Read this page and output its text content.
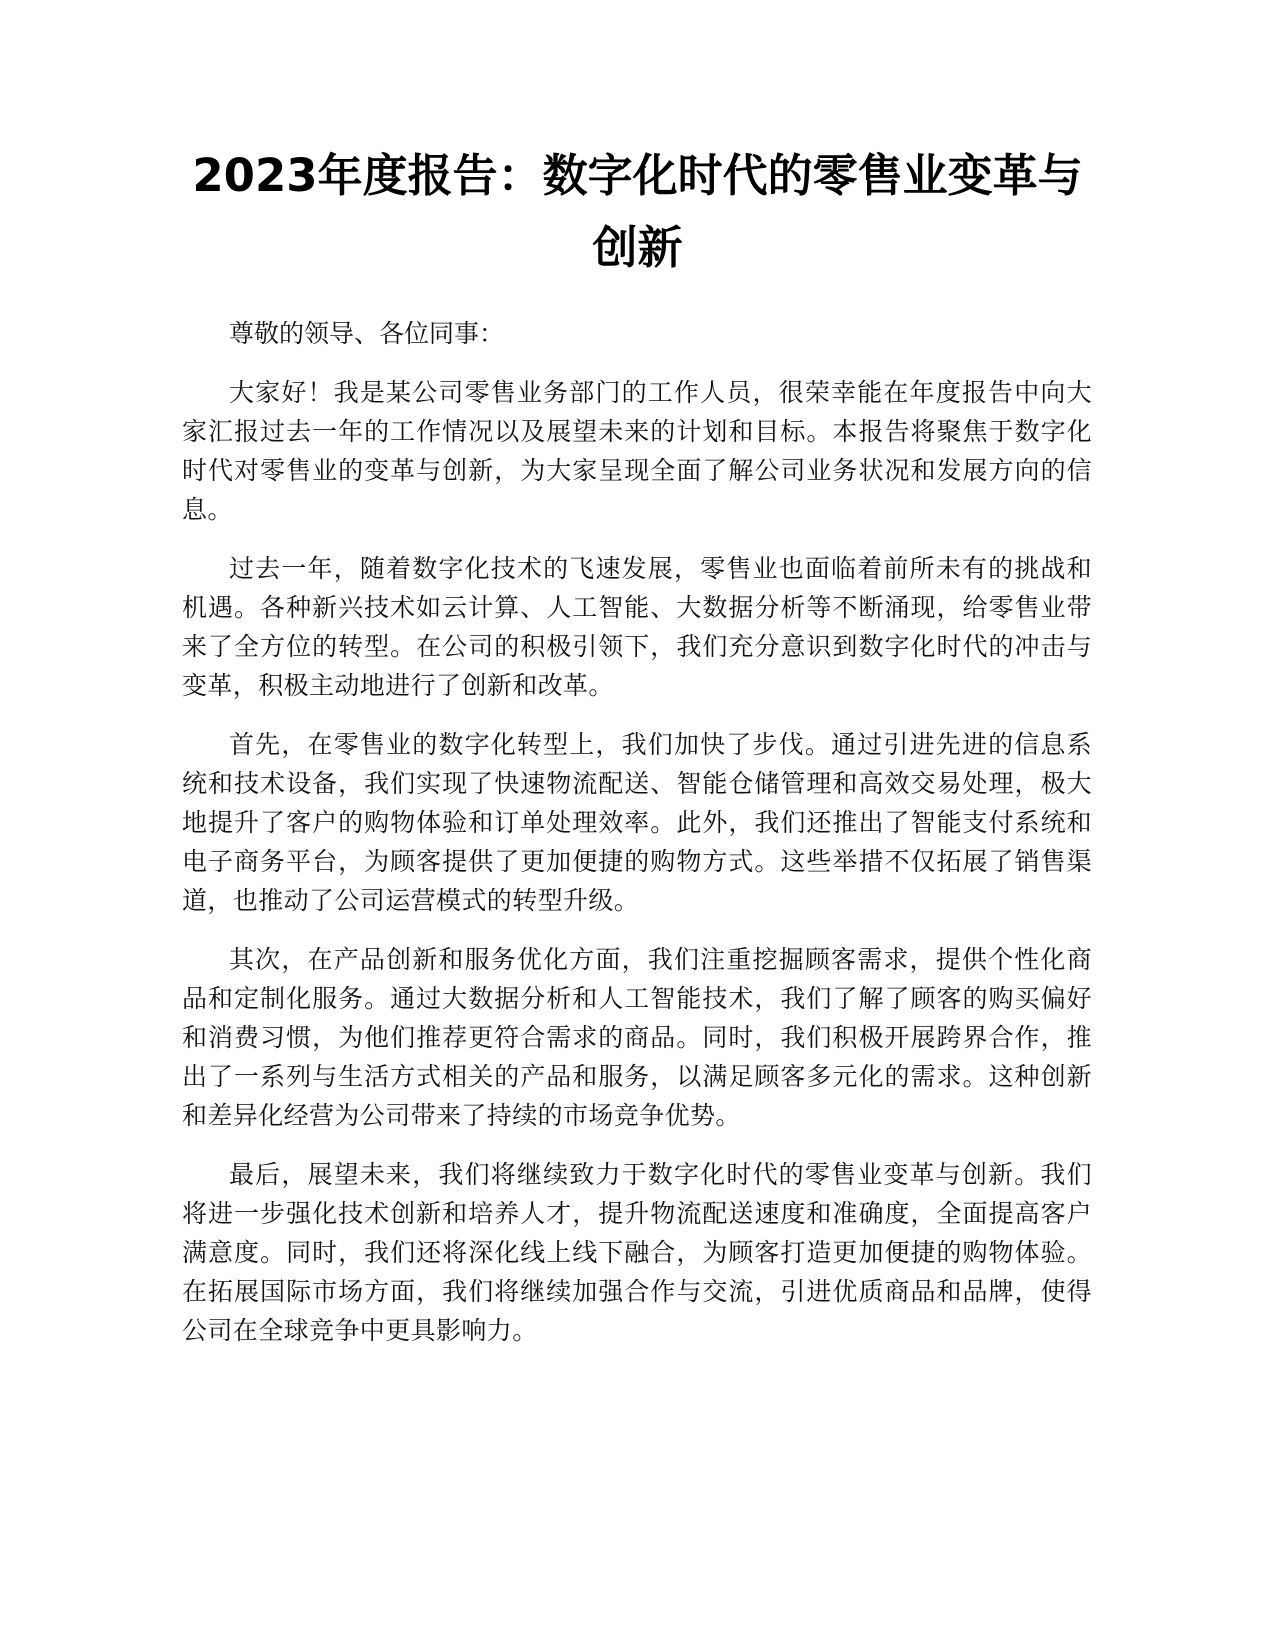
2023年度报告：数字化时代的零售业变革与
创新

尊敬的领导、各位同事：

大家好！我是某公司零售业务部门的工作人员，很荣幸能在年度报告中向大家汇报过去一年的工作情况以及展望未来的计划和目标。本报告将聚焦于数字化时代对零售业的变革与创新，为大家呈现全面了解公司业务状况和发展方向的信息。

过去一年，随着数字化技术的飞速发展，零售业也面临着前所未有的挑战和机遇。各种新兴技术如云计算、人工智能、大数据分析等不断涌现，给零售业带来了全方位的转型。在公司的积极引领下，我们充分意识到数字化时代的冲击与变革，积极主动地进行了创新和改革。

首先，在零售业的数字化转型上，我们加快了步伐。通过引进先进的信息系统和技术设备，我们实现了快速物流配送、智能仓储管理和高效交易处理，极大地提升了客户的购物体验和订单处理效率。此外，我们还推出了智能支付系统和电子商务平台，为顾客提供了更加便捷的购物方式。这些举措不仅拓展了销售渠道，也推动了公司运营模式的转型升级。

其次，在产品创新和服务优化方面，我们注重挖掘顾客需求，提供个性化商品和定制化服务。通过大数据分析和人工智能技术，我们了解了顾客的购买偏好和消费习惯，为他们推荐更符合需求的商品。同时，我们积极开展跨界合作，推出了一系列与生活方式相关的产品和服务，以满足顾客多元化的需求。这种创新和差异化经营为公司带来了持续的市场竞争优势。

最后，展望未来，我们将继续致力于数字化时代的零售业变革与创新。我们将进一步强化技术创新和培养人才，提升物流配送速度和准确度，全面提高客户满意度。同时，我们还将深化线上线下融合，为顾客打造更加便捷的购物体验。在拓展国际市场方面，我们将继续加强合作与交流，引进优质商品和品牌，使得公司在全球竞争中更具影响力。
